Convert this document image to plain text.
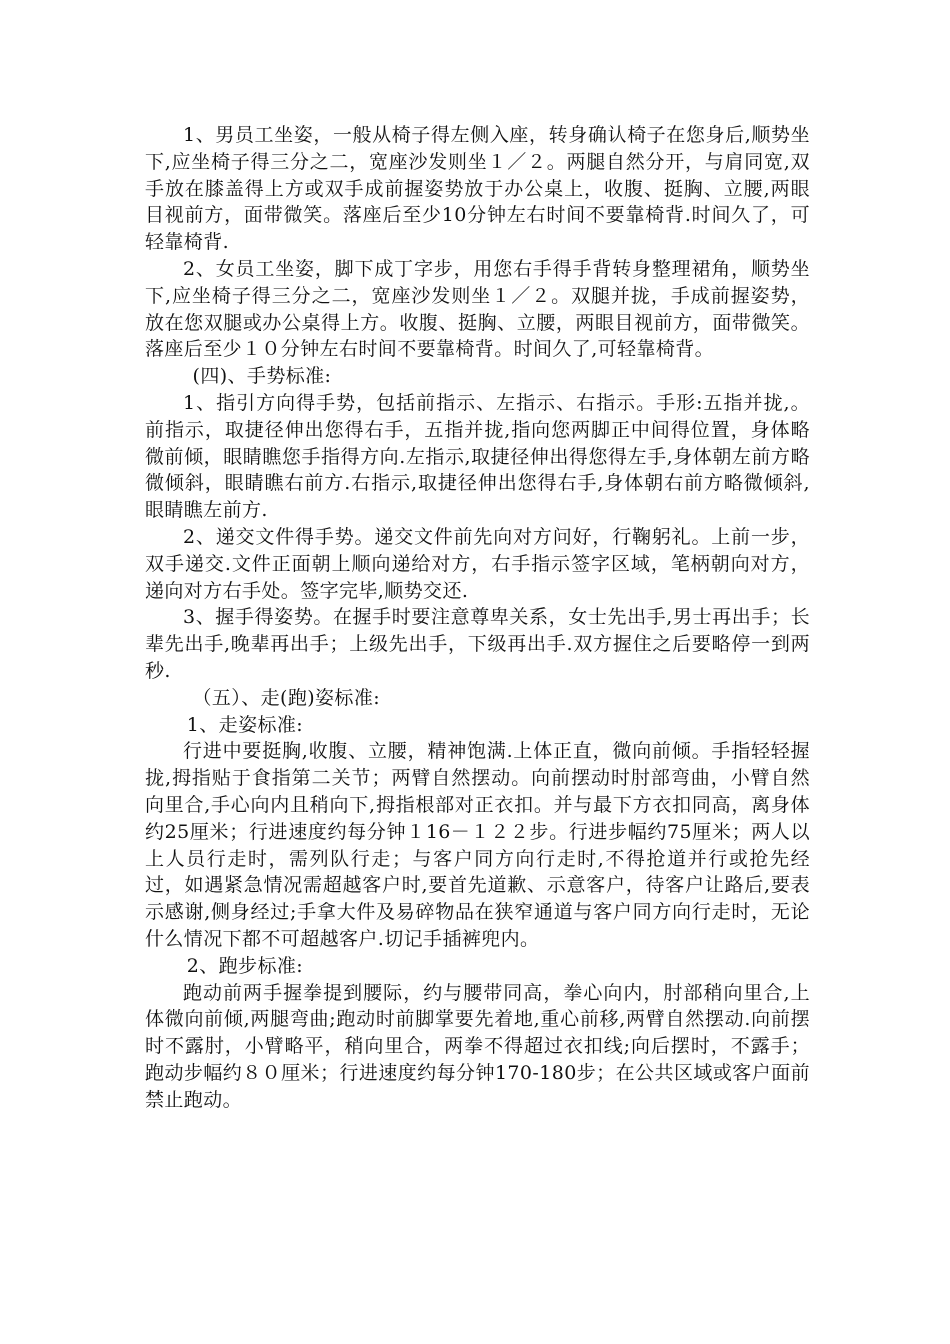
1、男员工坐姿，一般从椅子得左侧入座，转身确认椅子在您身后,顺势坐下,应坐椅子得三分之二，宽座沙发则坐１／２。两腿自然分开，与肩同宽,双手放在膝盖得上方或双手成前握姿势放于办公桌上，收腹、挺胸、立腰,两眼目视前方，面带微笑。落座后至少10分钟左右时间不要靠椅背.时间久了，可轻靠椅背.

2、女员工坐姿，脚下成丁字步，用您右手得手背转身整理裙角，顺势坐下,应坐椅子得三分之二，宽座沙发则坐１／２。双腿并拢，手成前握姿势，放在您双腿或办公桌得上方。收腹、挺胸、立腰，两眼目视前方，面带微笑。落座后至少１０分钟左右时间不要靠椅背。时间久了,可轻靠椅背。

(四)、手势标准:

1、指引方向得手势，包括前指示、左指示、右指示。手形:五指并拢,。前指示，取捷径伸出您得右手，五指并拢,指向您两脚正中间得位置，身体略微前倾，眼睛瞧您手指得方向.左指示,取捷径伸出得您得左手,身体朝左前方略微倾斜，眼睛瞧右前方.右指示,取捷径伸出您得右手,身体朝右前方略微倾斜,眼睛瞧左前方.

2、递交文件得手势。递交文件前先向对方问好，行鞠躬礼。上前一步，双手递交.文件正面朝上顺向递给对方，右手指示签字区域，笔柄朝向对方，递向对方右手处。签字完毕,顺势交还.

3、握手得姿势。在握手时要注意尊卑关系，女士先出手,男士再出手；长辈先出手,晚辈再出手；上级先出手，下级再出手.双方握住之后要略停一到两秒.

（五）、走(跑)姿标准:

1、走姿标准:

行进中要挺胸,收腹、立腰，精神饱满.上体正直，微向前倾。手指轻轻握拢,拇指贴于食指第二关节；两臂自然摆动。向前摆动时肘部弯曲，小臂自然向里合,手心向内且稍向下,拇指根部对正衣扣。并与最下方衣扣同高，离身体约25厘米；行进速度约每分钟１16－１２２步。行进步幅约75厘米；两人以上人员行走时，需列队行走；与客户同方向行走时,不得抢道并行或抢先经过，如遇紧急情况需超越客户时,要首先道歉、示意客户，待客户让路后,要表示感谢,侧身经过;手拿大件及易碎物品在狭窄通道与客户同方向行走时，无论什么情况下都不可超越客户.切记手插裤兜内。

2、跑步标准:

跑动前两手握拳提到腰际，约与腰带同高，拳心向内，肘部稍向里合,上体微向前倾,两腿弯曲;跑动时前脚掌要先着地,重心前移,两臂自然摆动.向前摆时不露肘，小臂略平，稍向里合，两拳不得超过衣扣线;向后摆时，不露手；跑动步幅约８０厘米；行进速度约每分钟170-180步；在公共区域或客户面前禁止跑动。
